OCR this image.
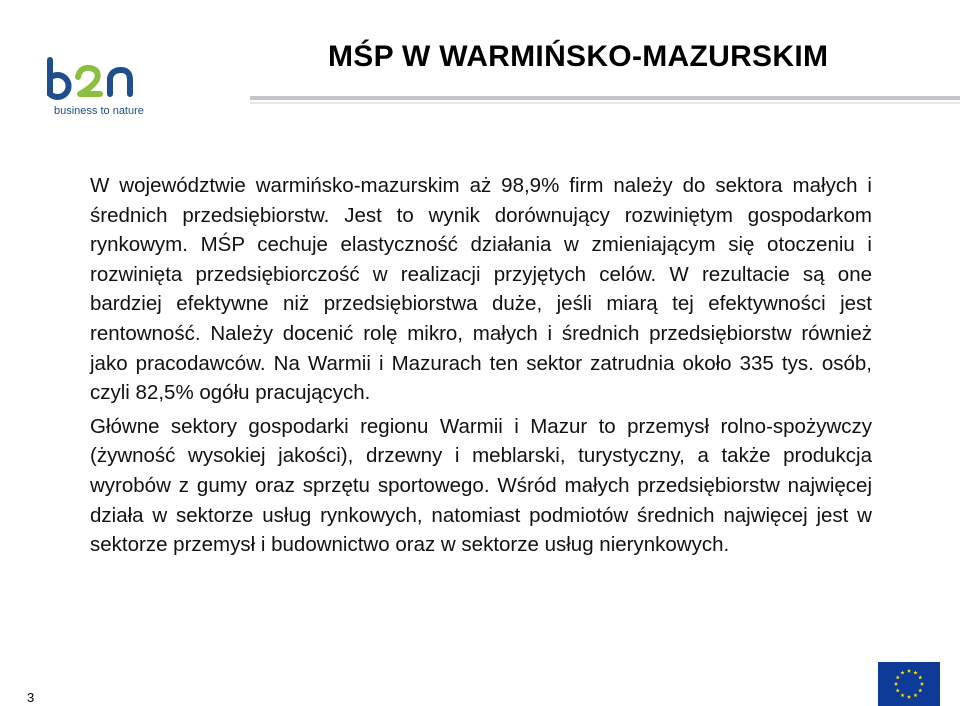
business to nature
MŚP W WARMIŃSKO-MAZURSKIM

W województwie warmińsko-mazurskim aż 98,9% firm należy do sektora małych i średnich przedsiębiorstw. Jest to wynik dorównujący rozwiniętym gospodarkom rynkowym. MŚP cechuje elastyczność działania w zmieniającym się otoczeniu i rozwinięta przedsiębiorczość w realizacji przyjętych celów. W rezultacie są one bardziej efektywne niż przedsiębiorstwa duże, jeśli miarą tej efektywności jest rentowność. Należy docenić rolę mikro, małych i średnich przedsiębiorstw również jako pracodawców. Na Warmii i Mazurach ten sektor zatrudnia około 335 tys. osób, czyli 82,5% ogółu pracujących.

Główne sektory gospodarki regionu Warmii i Mazur to przemysł rolno-spożywczy (żywność wysokiej jakości), drzewny i meblarski, turystyczny, a także produkcja wyrobów z gumy oraz sprzętu sportowego. Wśród małych przedsiębiorstw najwięcej działa w sektorze usług rynkowych, natomiast podmiotów średnich najwięcej jest w sektorze przemysł i budownictwo oraz w sektorze usług nierynkowych.

3
